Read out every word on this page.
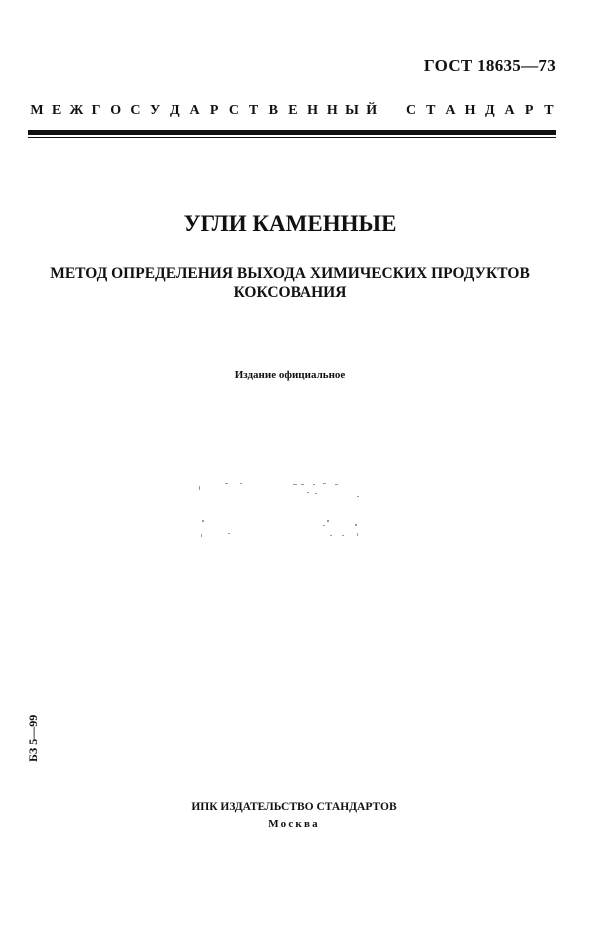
ГОСТ 18635—73
М Е Ж Г О С У Д А Р С Т В Е Н Н Ы Й
С Т А Н Д А Р Т
УГЛИ КАМЕННЫЕ
МЕТОД ОПРЕДЕЛЕНИЯ ВЫХОДА ХИМИЧЕСКИХ ПРОДУКТОВ
КОКСОВАНИЯ
Издание официальное
БЗ 5—99
ИПК ИЗДАТЕЛЬСТВО СТАНДАРТОВ
Москва
